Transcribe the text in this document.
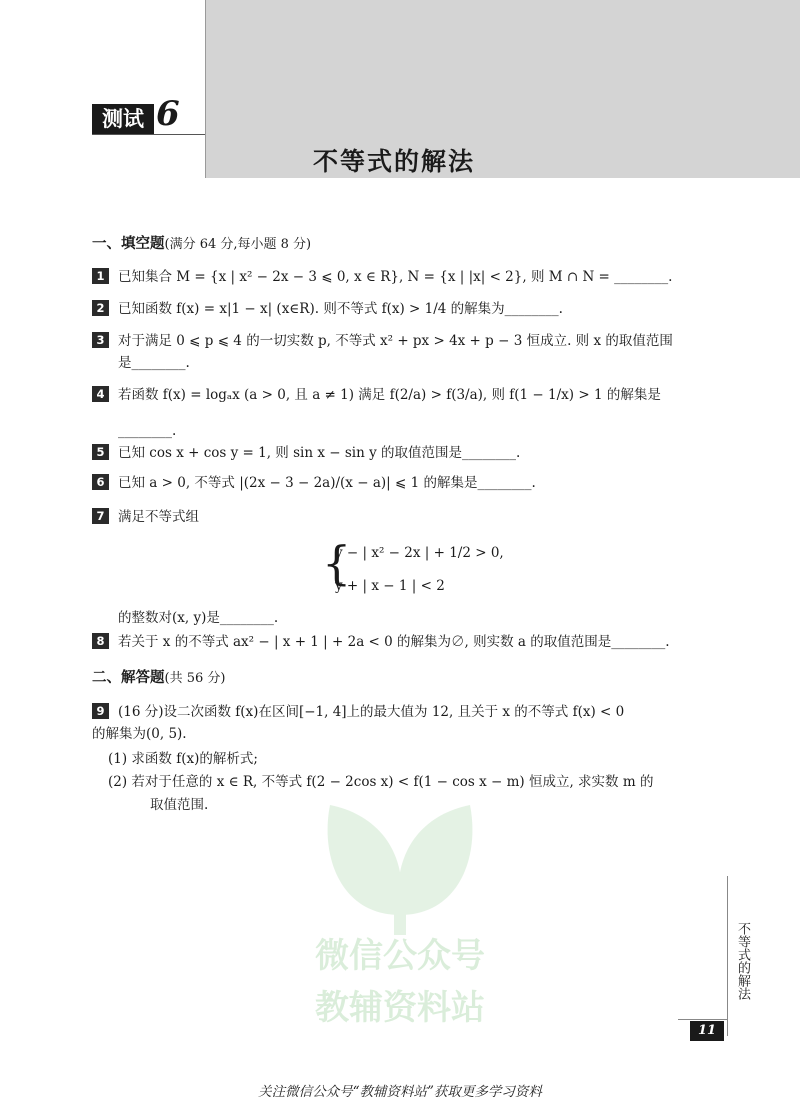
测试 6
不等式的解法
微信公众号
教辅资料站
一、填空题(满分 64 分,每小题 8 分)
1 已知集合 M = {x | x² − 2x − 3 ⩽ 0, x ∈ R}, N = {x | |x| < 2}, 则 M ∩ N = ________.
2 已知函数 f(x) = x|1 − x| (x∈R). 则不等式 f(x) > 1/4 的解集为________.
3 对于满足 0 ⩽ p ⩽ 4 的一切实数 p, 不等式 x² + px > 4x + p − 3 恒成立. 则 x 的取值范围
是________.
4 若函数 f(x) = logₐx (a > 0, 且 a ≠ 1) 满足 f(2/a) > f(3/a), 则 f(1 − 1/x) > 1 的解集是
________.
5 已知 cos x + cos y = 1, 则 sin x − sin y 的取值范围是________.
6 已知 a > 0, 不等式 |(2x − 3 − 2a)/(x − a)| ⩽ 1 的解集是________.
7 满足不等式组
{
y − | x² − 2x | + 1/2 > 0,
y + | x − 1 | < 2
的整数对(x, y)是________.
8 若关于 x 的不等式 ax² − | x + 1 | + 2a < 0 的解集为∅, 则实数 a 的取值范围是________.
二、解答题(共 56 分)
9 (16 分)设二次函数 f(x)在区间[−1, 4]上的最大值为 12, 且关于 x 的不等式 f(x) < 0
的解集为(0, 5).
(1) 求函数 f(x)的解析式;
(2) 若对于任意的 x ∈ R, 不等式 f(2 − 2cos x) < f(1 − cos x − m) 恒成立, 求实数 m 的
取值范围.
不等式的解法
11
关注微信公众号“教辅资料站”获取更多学习资料
